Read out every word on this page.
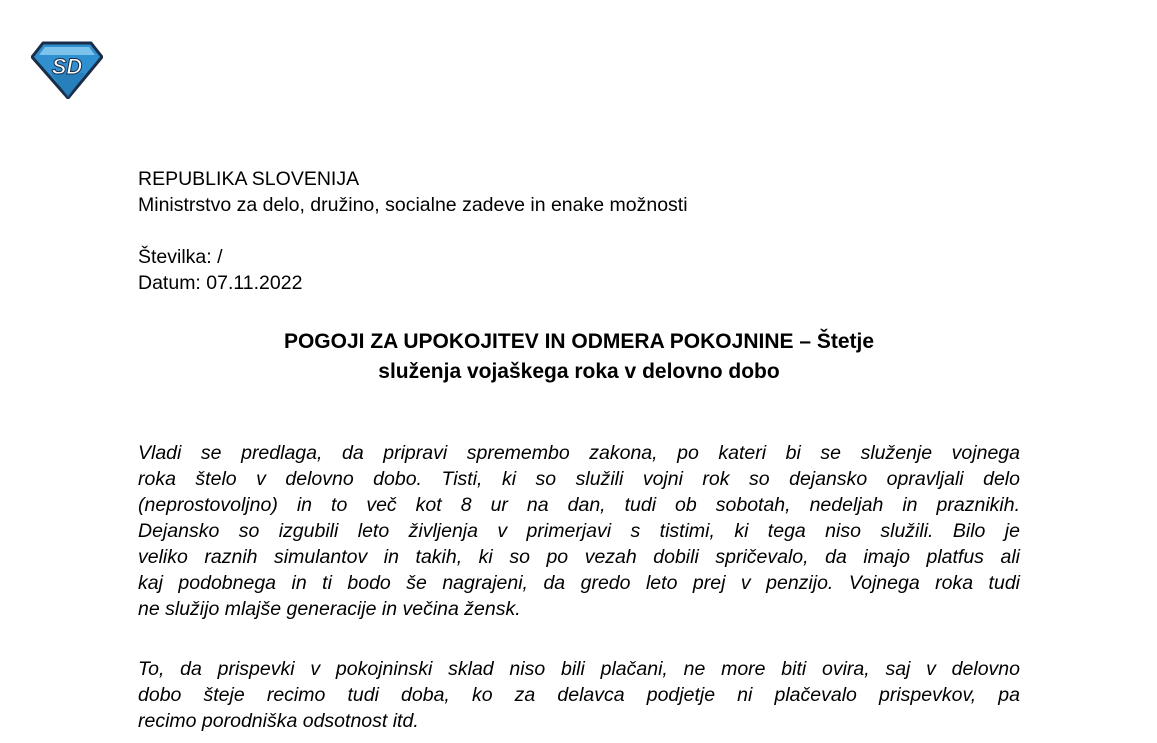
SD
REPUBLIKA SLOVENIJA
Ministrstvo za delo, družino, socialne zadeve in enake možnosti
Številka: /
Datum: 07.11.2022
POGOJI ZA UPOKOJITEV IN ODMERA POKOJNINE – Štetje
služenja vojaškega roka v delovno dobo
Vladi se predlaga, da pripravi spremembo zakona, po kateri bi se služenje vojnega
roka štelo v delovno dobo. Tisti, ki so služili vojni rok so dejansko opravljali delo
(neprostovoljno) in to več kot 8 ur na dan, tudi ob sobotah, nedeljah in praznikih.
Dejansko so izgubili leto življenja v primerjavi s tistimi, ki tega niso služili. Bilo je
veliko raznih simulantov in takih, ki so po vezah dobili spričevalo, da imajo platfus ali
kaj podobnega in ti bodo še nagrajeni, da gredo leto prej v penzijo. Vojnega roka tudi
ne služijo mlajše generacije in večina žensk.
To, da prispevki v pokojninski sklad niso bili plačani, ne more biti ovira, saj v delovno
dobo šteje recimo tudi doba, ko za delavca podjetje ni plačevalo prispevkov, pa
recimo porodniška odsotnost itd.
